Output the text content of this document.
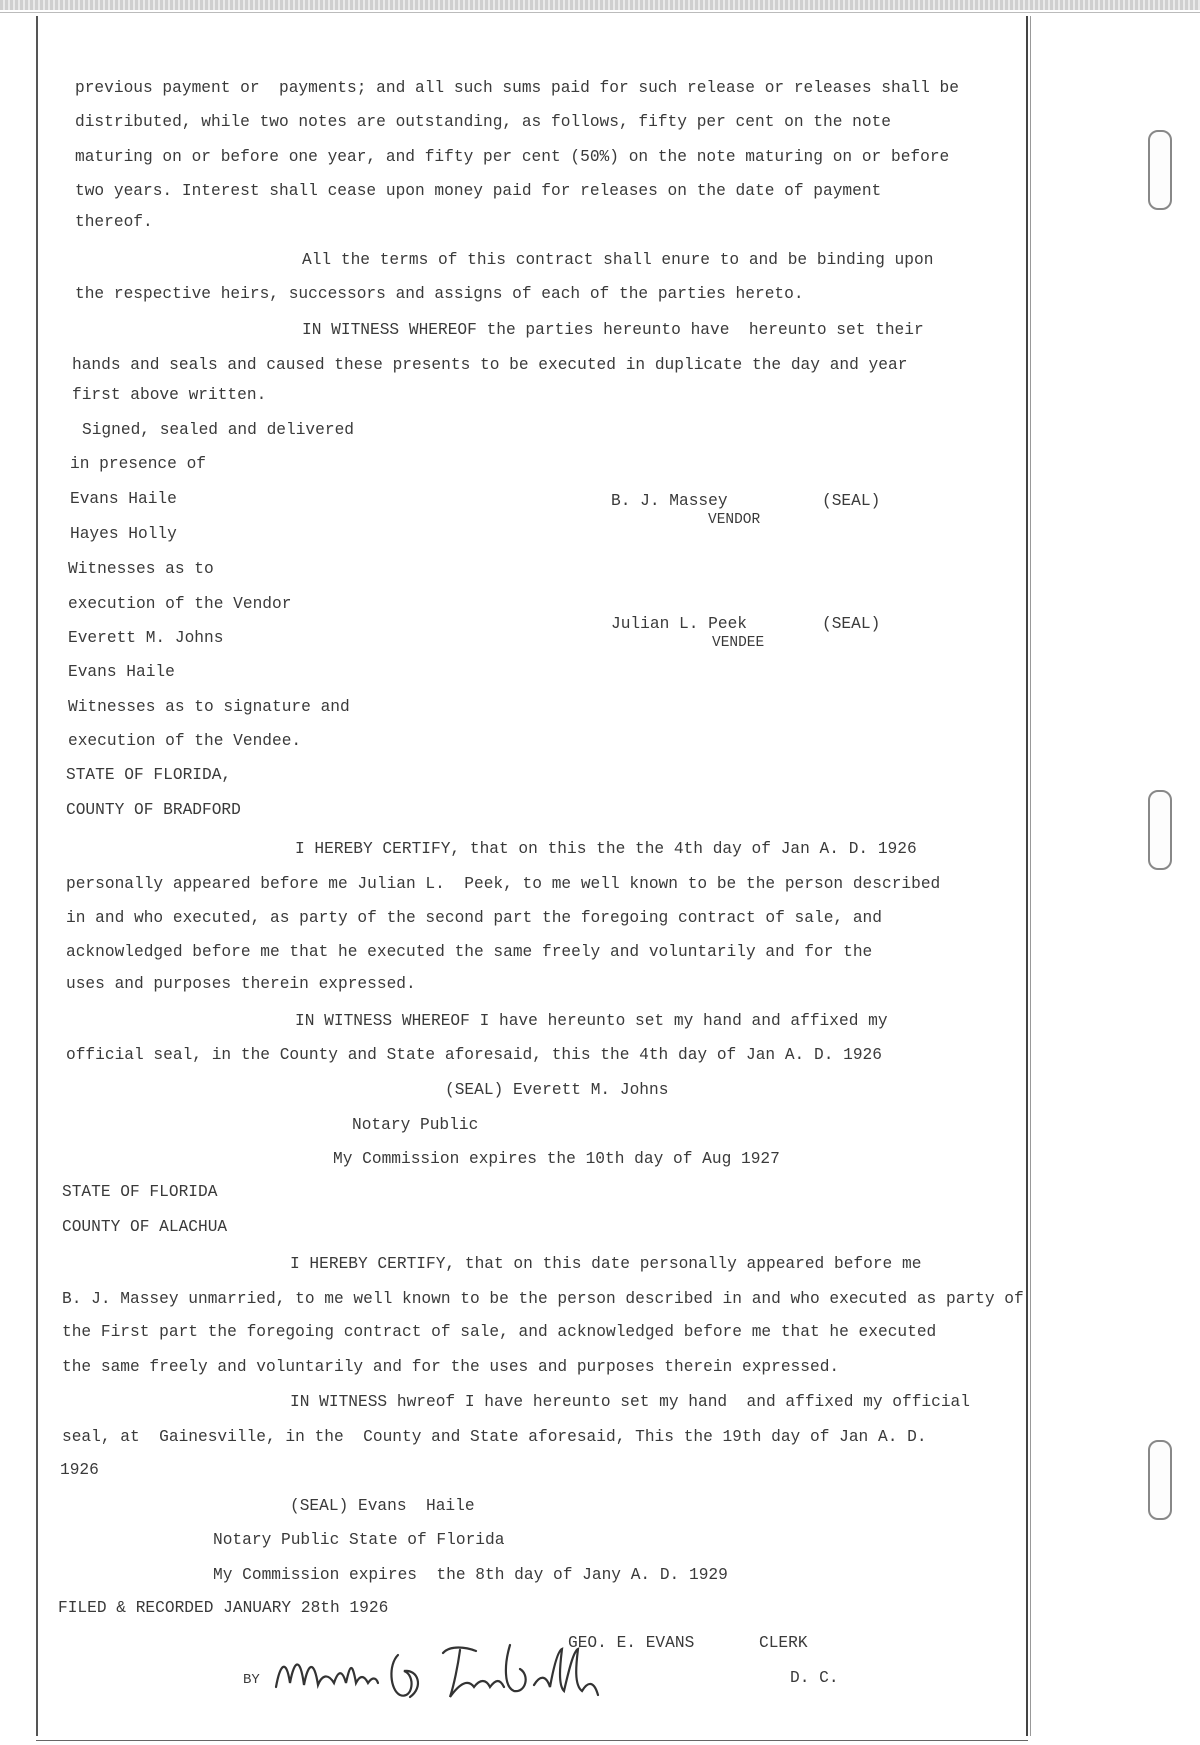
previous payment or  payments; and all such sums paid for such release or releases shall be
distributed, while two notes are outstanding, as follows, fifty per cent on the note
maturing on or before one year, and fifty per cent (50%) on the note maturing on or before
two years. Interest shall cease upon money paid for releases on the date of payment
thereof.
All the terms of this contract shall enure to and be binding upon
the respective heirs, successors and assigns of each of the parties hereto.
IN WITNESS WHEREOF the parties hereunto have  hereunto set their
hands and seals and caused these presents to be executed in duplicate the day and year
first above written.
Signed, sealed and delivered
in presence of
Evans Haile
Hayes Holly
Witnesses as to
execution of the Vendor
Everett M. Johns
Evans Haile
Witnesses as to signature and
execution of the Vendee.
B. J. Massey	(SEAL)
VENDOR
Julian L. Peek	(SEAL)
VENDEE
STATE OF FLORIDA,
COUNTY OF BRADFORD
I HEREBY CERTIFY, that on this the the 4th day of Jan A. D. 1926
personally appeared before me Julian L.  Peek, to me well known to be the person described
in and who executed, as party of the second part the foregoing contract of sale, and
acknowledged before me that he executed the same freely and voluntarily and for the
uses and purposes therein expressed.
IN WITNESS WHEREOF I have hereunto set my hand and affixed my
official seal, in the County and State aforesaid, this the 4th day of Jan A. D. 1926
(SEAL) Everett M. Johns
Notary Public
My Commission expires the 10th day of Aug 1927
STATE OF FLORIDA
COUNTY OF ALACHUA
I HEREBY CERTIFY, that on this date personally appeared before me
B. J. Massey unmarried, to me well known to be the person described in and who executed as party of
the First part the foregoing contract of sale, and acknowledged before me that he executed
the same freely and voluntarily and for the uses and purposes therein expressed.
IN WITNESS hwreof I have hereunto set my hand  and affixed my official
seal, at  Gainesville, in the  County and State aforesaid, This the 19th day of Jan A. D.
1926
(SEAL) Evans  Haile
Notary Public State of Florida
My Commission expires  the 8th day of Jany A. D. 1929
FILED & RECORDED JANUARY 28th 1926
GEO. E. EVANS	CLERK
D. C.
BY
